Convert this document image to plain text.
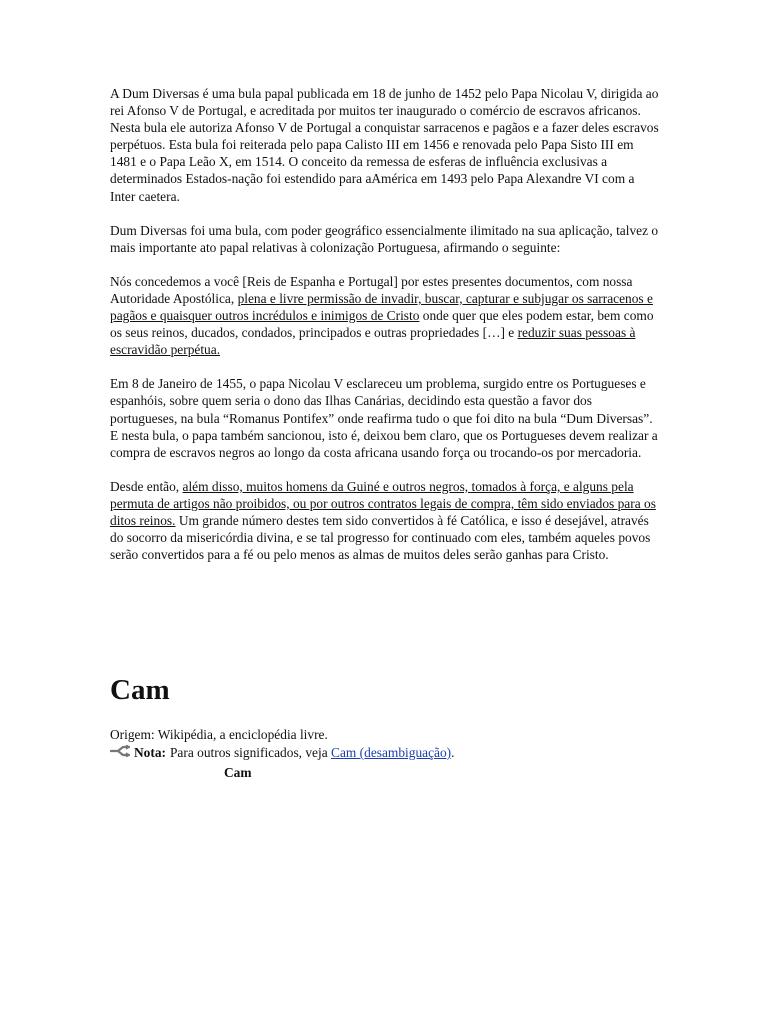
A Dum Diversas é uma bula papal publicada em 18 de junho de 1452 pelo Papa Nicolau V, dirigida ao rei Afonso V de Portugal, e acreditada por muitos ter inaugurado o comércio de escravos africanos. Nesta bula ele autoriza Afonso V de Portugal a conquistar sarracenos e pagãos e a fazer deles escravos perpétuos. Esta bula foi reiterada pelo papa Calisto III em 1456 e renovada pelo Papa Sisto III em 1481 e o Papa Leão X, em 1514. O conceito da remessa de esferas de influência exclusivas a determinados Estados-nação foi estendido para aAmérica em 1493 pelo Papa Alexandre VI com a Inter caetera.

Dum Diversas foi uma bula, com poder geográfico essencialmente ilimitado na sua aplicação, talvez o mais importante ato papal relativas à colonização Portuguesa, afirmando o seguinte:

Nós concedemos a você [Reis de Espanha e Portugal] por estes presentes documentos, com nossa Autoridade Apostólica, plena e livre permissão de invadir, buscar, capturar e subjugar os sarracenos e pagãos e quaisquer outros incrédulos e inimigos de Cristo onde quer que eles podem estar, bem como os seus reinos, ducados, condados, principados e outras propriedades […] e reduzir suas pessoas à escravidão perpétua.

Em 8 de Janeiro de 1455, o papa Nicolau V esclareceu um problema, surgido entre os Portugueses e espanhóis, sobre quem seria o dono das Ilhas Canárias, decidindo esta questão a favor dos portugueses, na bula “Romanus Pontifex” onde reafirma tudo o que foi dito na bula “Dum Diversas”. E nesta bula, o papa também sancionou, isto é, deixou bem claro, que os Portugueses devem realizar a compra de escravos negros ao longo da costa africana usando força ou trocando-os por mercadoria.

Desde então, além disso, muitos homens da Guiné e outros negros, tomados à força, e alguns pela permuta de artigos não proibidos, ou por outros contratos legais de compra, têm sido enviados para os ditos reinos. Um grande número destes tem sido convertidos à fé Católica, e isso é desejável, através do socorro da misericórdia divina, e se tal progresso for continuado com eles, também aqueles povos serão convertidos para a fé ou pelo menos as almas de muitos deles serão ganhas para Cristo.

Cam
Origem: Wikipédia, a enciclopédia livre.
Nota: Para outros significados, veja
Cam (desambiguação) .
Cam
